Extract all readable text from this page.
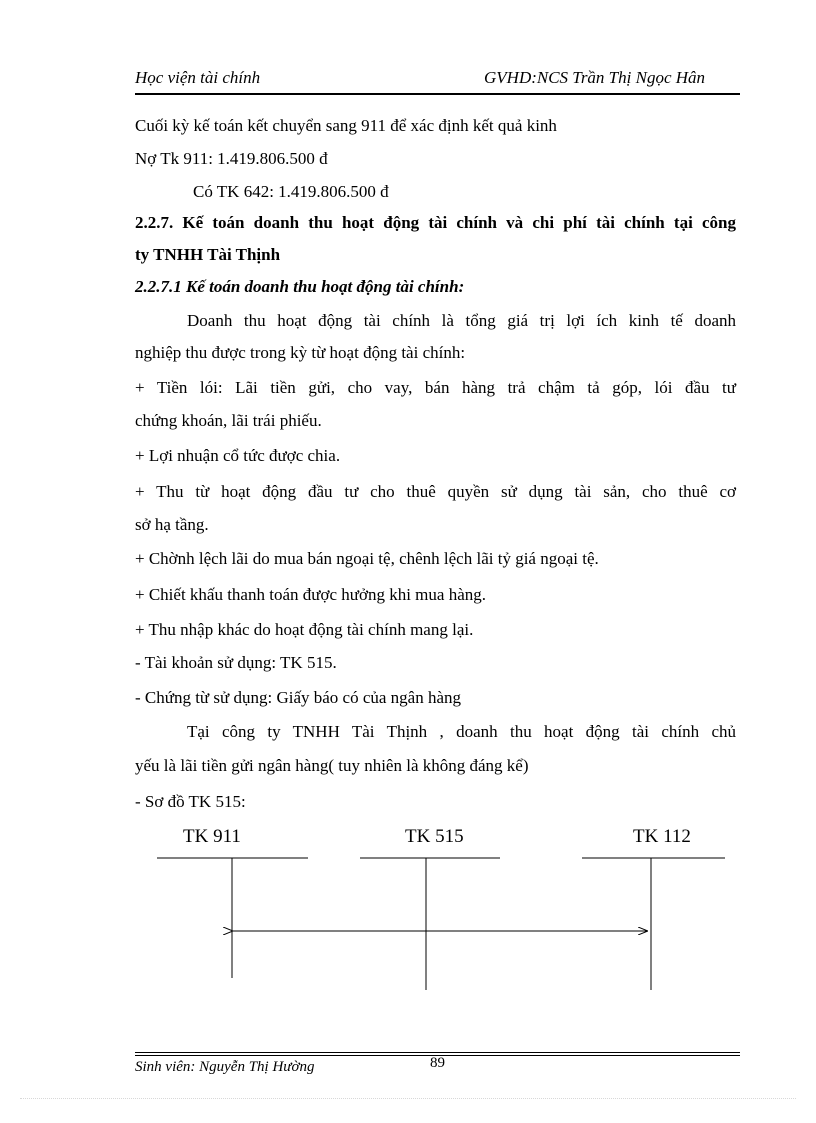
Học viện tài chính	GVHD:NCS Trần Thị Ngọc Hân
Cuối kỳ kế toán kết chuyển sang 911 để xác định kết quả kinh
Nợ Tk 911: 1.419.806.500 đ
Có TK 642: 1.419.806.500 đ
2.2.7. Kế toán doanh thu hoạt động tài chính và chi phí tài chính tại công
ty TNHH Tài Thịnh
2.2.7.1 Kế toán doanh thu hoạt động tài chính:
Doanh thu hoạt động tài chính là tổng giá trị lợi ích kinh tế doanh
nghiệp thu được trong kỳ từ hoạt động tài chính:
+ Tiền lói: Lãi tiền gửi, cho vay, bán hàng trả chậm tả góp, lói đầu tư
chứng khoán, lãi trái phiếu.
+ Lợi nhuận cổ tức được chia.
+ Thu từ hoạt động đầu tư cho thuê quyền sử dụng tài sản, cho thuê cơ
sở hạ tầng.
+ Chờnh lệch lãi do mua bán ngoại tệ, chênh lệch lãi tỷ giá ngoại tệ.
+ Chiết khấu thanh toán được hưởng khi mua hàng.
+ Thu nhập khác do hoạt động tài chính mang lại.
- Tài khoản sử dụng: TK 515.
- Chứng từ sử dụng: Giấy báo có của ngân hàng
Tại công ty TNHH Tài Thịnh , doanh thu hoạt động tài chính chủ
yếu là lãi tiền gửi ngân hàng( tuy nhiên là không đáng kể)
- Sơ đồ TK 515:
TK 911	TK 515	TK 112
Sinh viên: Nguyễn Thị Hường	89
